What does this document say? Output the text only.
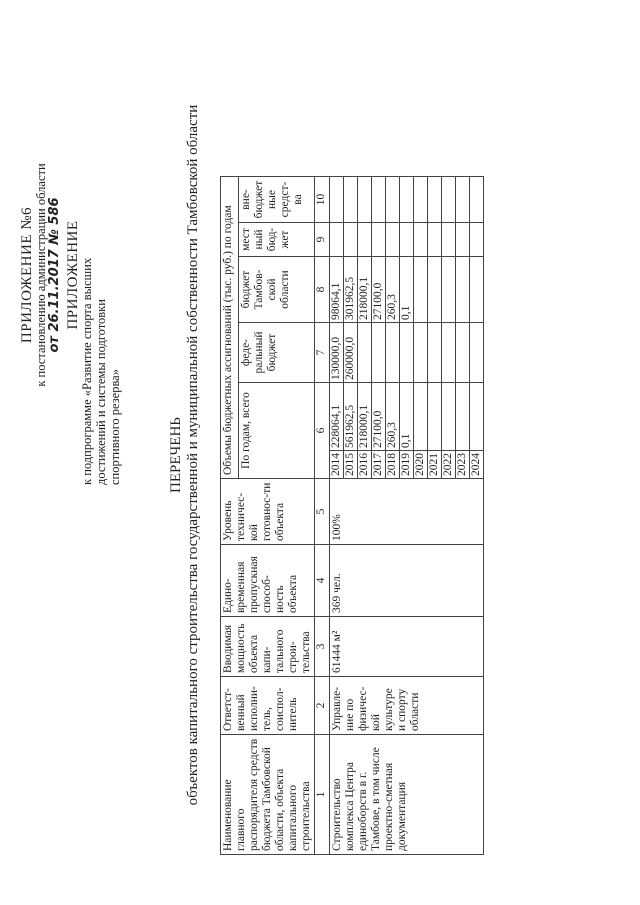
ПРИЛОЖЕНИЕ №6 к постановлению администрации области от 26.11.2017 № 586 ПРИЛОЖЕНИЕ к подпрограмме «Развитие спорта высших достижений и системы подготовки спортивного резерва»	ПЕРЕЧЕНЬ объектов капитального строительства государственной и муниципальной собственности Тамбовской области
Наименование главного распорядителя средств бюджета Тамбовской области, объекта капитального строительства	Ответст-венный исполни-тель, соиспол-нитель	Вводимая мощность объекта капи-тального строи-тельства	Едино-временная пропускная способ-ность объекта	Уровень техничес-кой готовнос-ти объекта	Объемы бюджетных ассигнований (тыс. руб.) по годам					
					По годам, всего		феде-ральный бюджет	бюджет Тамбов-ской области	мест ный бюд-жет	вне-бюджет ные средст-ва
1	2	3	4	5	6		7	8	9	10
Строительство комплекса Центра единоборств в г. Тамбове, в том числе проектно-сметная документация	Управле-ние по физичес-кой культуре и спорту области	61444 м²	369 чел.	100%	2014	228064,1	130000,0	98064,1		
					2015	561962,5	260000,0	301962,5		
					2016	218000,1		218000,1		
					2017	27100,0		27100,0		
					2018	260,3		260,3		
					2019	0,1		0,1		
					2020					
					2021					
					2022					
					2023					
					2024					
